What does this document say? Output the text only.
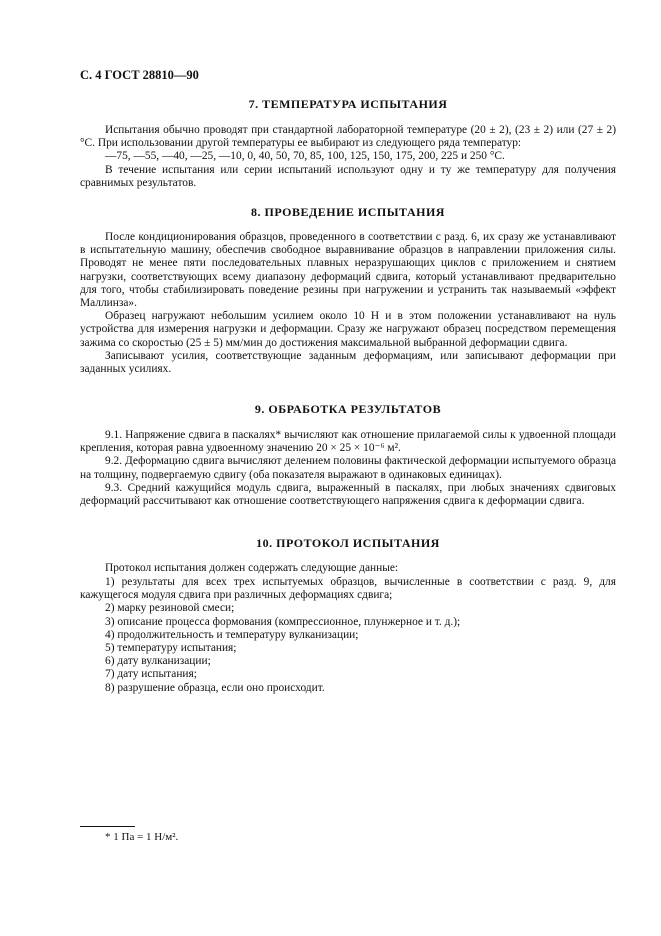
С. 4 ГОСТ 28810—90
7. ТЕМПЕРАТУРА ИСПЫТАНИЯ

Испытания обычно проводят при стандартной лабораторной температуре (20 ± 2), (23 ± 2) или (27 ± 2) °С. При использовании другой температуры ее выбирают из следующего ряда температур:

—75, —55, —40, —25, —10, 0, 40, 50, 70, 85, 100, 125, 150, 175, 200, 225 и 250 °С.

В течение испытания или серии испытаний используют одну и ту же температуру для получения сравнимых результатов.

8. ПРОВЕДЕНИЕ ИСПЫТАНИЯ

После кондиционирования образцов, проведенного в соответствии с разд. 6, их сразу же устанавливают в испытательную машину, обеспечив свободное выравнивание образцов в направлении приложения силы. Проводят не менее пяти последовательных плавных неразрушающих циклов с приложением и снятием нагрузки, соответствующих всему диапазону деформаций сдвига, который устанавливают предварительно для того, чтобы стабилизировать поведение резины при нагружении и устранить так называемый «эффект Маллинза».

Образец нагружают небольшим усилием около 10 Н и в этом положении устанавливают на нуль устройства для измерения нагрузки и деформации. Сразу же нагружают образец посредством перемещения зажима со скоростью (25 ± 5) мм/мин до достижения максимальной выбранной деформации сдвига.

Записывают усилия, соответствующие заданным деформациям, или записывают деформации при заданных усилиях.

9. ОБРАБОТКА РЕЗУЛЬТАТОВ

9.1. Напряжение сдвига в паскалях* вычисляют как отношение прилагаемой силы к удвоенной площади крепления, которая равна удвоенному значению 20 × 25 × 10⁻⁶ м².

9.2. Деформацию сдвига вычисляют делением половины фактической деформации испытуемого образца на толщину, подвергаемую сдвигу (оба показателя выражают в одинаковых единицах).

9.3. Средний кажущийся модуль сдвига, выраженный в паскалях, при любых значениях сдвиговых деформаций рассчитывают как отношение соответствующего напряжения сдвига к деформации сдвига.

10. ПРОТОКОЛ ИСПЫТАНИЯ

Протокол испытания должен содержать следующие данные:

1) результаты для всех трех испытуемых образцов, вычисленные в соответствии с разд. 9, для кажущегося модуля сдвига при различных деформациях сдвига;
2) марку резиновой смеси;
3) описание процесса формования (компрессионное, плунжерное и т. д.);
4) продолжительность и температуру вулканизации;
5) температуру испытания;
6) дату вулканизации;
7) дату испытания;
8) разрушение образца, если оно происходит.
* 1 Па = 1 Н/м².
